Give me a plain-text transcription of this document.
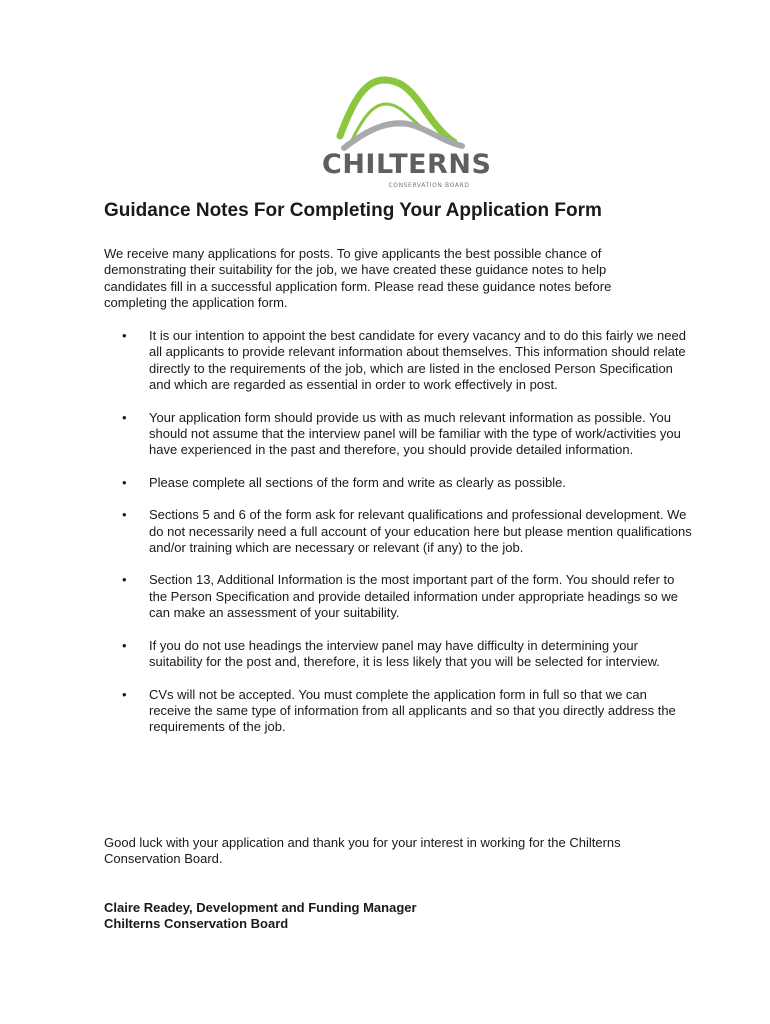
CHILTERNS
CONSERVATION BOARD
Guidance Notes For Completing Your Application Form

We receive many applications for posts. To give applicants the best possible chance of demonstrating their suitability for the job, we have created these guidance notes to help candidates fill in a successful application form. Please read these guidance notes before completing the application form.

• It is our intention to appoint the best candidate for every vacancy and to do this fairly we need all applicants to provide relevant information about themselves. This information should relate directly to the requirements of the job, which are listed in the enclosed Person Specification and which are regarded as essential in order to work effectively in post.
• Your application form should provide us with as much relevant information as possible. You should not assume that the interview panel will be familiar with the type of work/activities you have experienced in the past and therefore, you should provide detailed information.
• Please complete all sections of the form and write as clearly as possible.
• Sections 5 and 6 of the form ask for relevant qualifications and professional development. We do not necessarily need a full account of your education here but please mention qualifications and/or training which are necessary or relevant (if any) to the job.
• Section 13, Additional Information is the most important part of the form. You should refer to the Person Specification and provide detailed information under appropriate headings so we can make an assessment of your suitability.
• If you do not use headings the interview panel may have difficulty in determining your suitability for the post and, therefore, it is less likely that you will be selected for interview.
• CVs will not be accepted. You must complete the application form in full so that we can receive the same type of information from all applicants and so that you directly address the requirements of the job.

Good luck with your application and thank you for your interest in working for the Chilterns Conservation Board.

Claire Readey, Development and Funding Manager
Chilterns Conservation Board
